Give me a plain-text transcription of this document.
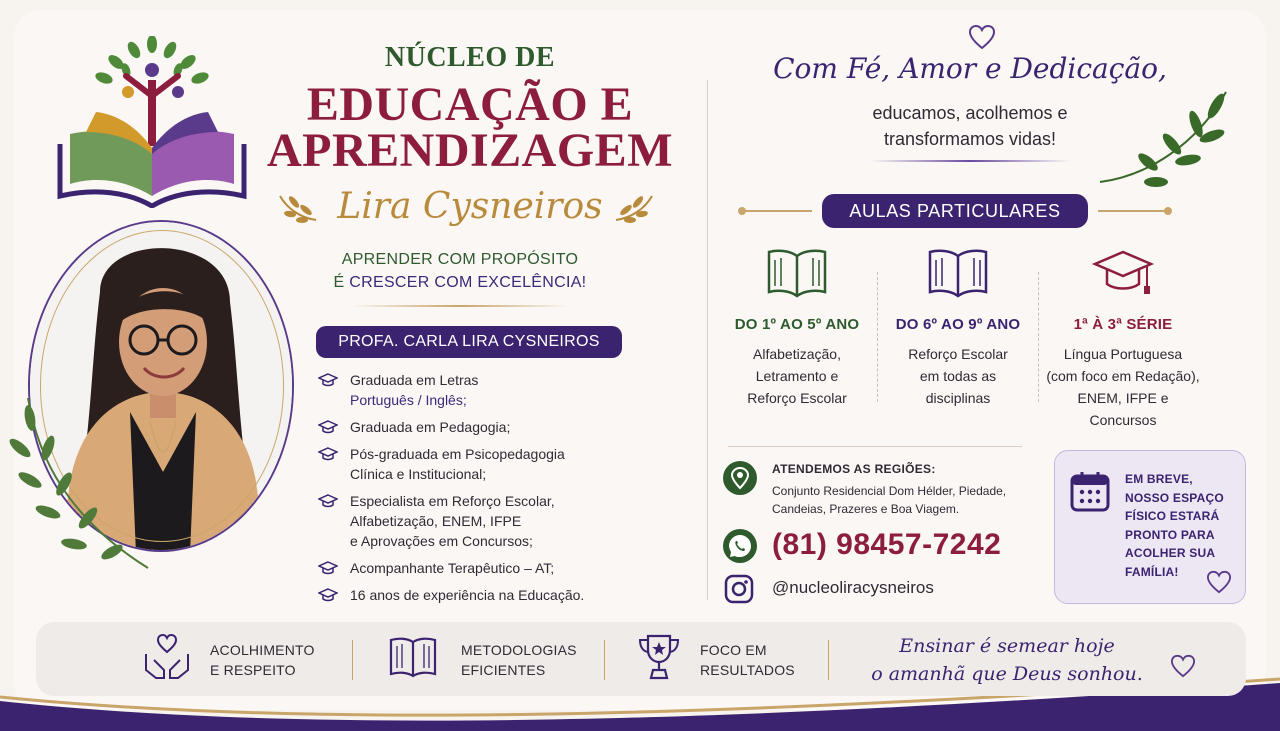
NÚCLEO DE
EDUCAÇÃO E
APRENDIZAGEM
Lira Cysneiros
APRENDER COM PROPÓSITO
É CRESCER COM EXCELÊNCIA!
PROFA. CARLA LIRA CYSNEIROS
Graduada em Letras
Português / Inglês;
Graduada em Pedagogia;
Pós-graduada em Psicopedagogia
Clínica e Institucional;
Especialista em Reforço Escolar,
Alfabetização, ENEM, IFPE
e Aprovações em Concursos;
Acompanhante Terapêutico – AT;
16 anos de experiência na Educação.
Com Fé, Amor e Dedicação,
educamos, acolhemos e
transformamos vidas!
AULAS PARTICULARES
DO 1º AO 5º ANO
Alfabetização,
Letramento e
Reforço Escolar
DO 6º AO 9º ANO
Reforço Escolar
em todas as
disciplinas
1ª À 3ª SÉRIE
Língua Portuguesa
(com foco em Redação),
ENEM, IFPE e
Concursos
ATENDEMOS AS REGIÕES:
Conjunto Residencial Dom Hélder, Piedade,
Candeias, Prazeres e Boa Viagem.
(81) 98457-7242
@nucleoliracysneiros
EM BREVE,
NOSSO ESPAÇO
FÍSICO ESTARÁ
PRONTO PARA
ACOLHER SUA
FAMÍLIA!
ACOLHIMENTO
E RESPEITO
METODOLOGIAS
EFICIENTES
FOCO EM
RESULTADOS
Ensinar é semear hoje
o amanhã que Deus sonhou.
